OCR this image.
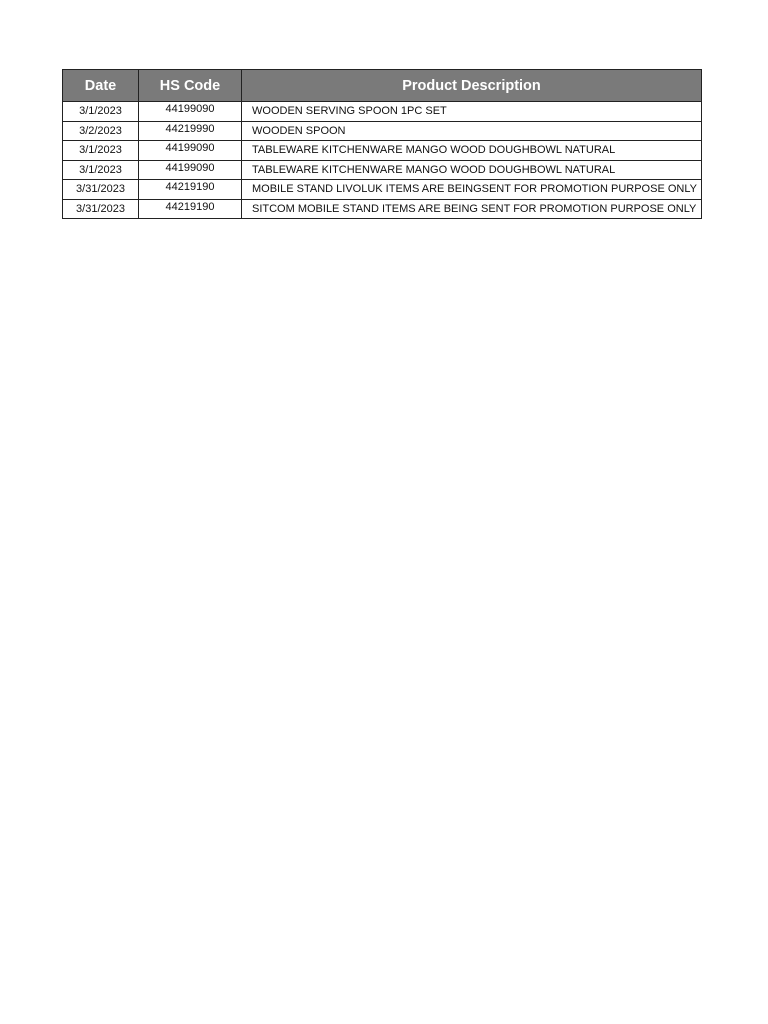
Date	HS Code	Product Description
3/1/2023	44199090	WOODEN SERVING SPOON 1PC SET
3/2/2023	44219990	WOODEN SPOON
3/1/2023	44199090	TABLEWARE KITCHENWARE MANGO WOOD DOUGHBOWL NATURAL
3/1/2023	44199090	TABLEWARE KITCHENWARE MANGO WOOD DOUGHBOWL NATURAL
3/31/2023	44219190	MOBILE STAND LIVOLUK ITEMS ARE BEINGSENT FOR PROMOTION PURPOSE ONLY
3/31/2023	44219190	SITCOM MOBILE STAND ITEMS ARE BEING SENT FOR PROMOTION PURPOSE ONLY
